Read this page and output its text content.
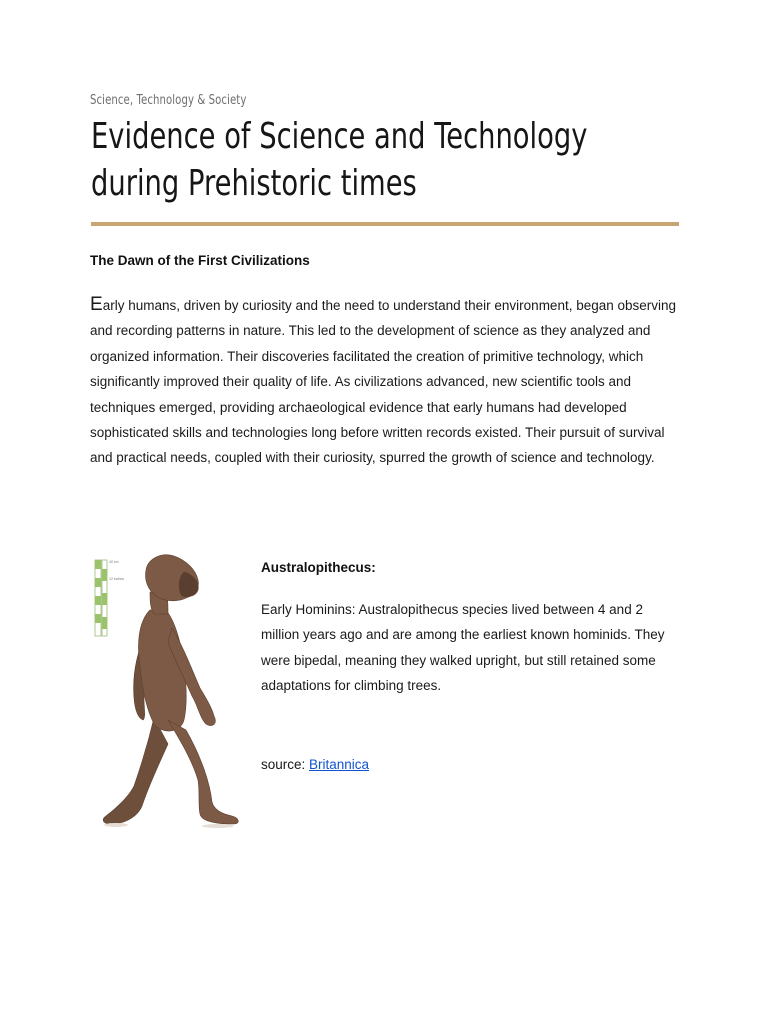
Science, Technology & Society
Evidence of Science and Technology during Prehistoric times
The Dawn of the First Civilizations

Early humans, driven by curiosity and the need to understand their environment, began observing and recording patterns in nature. This led to the development of science as they analyzed and organized information. Their discoveries facilitated the creation of primitive technology, which significantly improved their quality of life. As civilizations advanced, new scientific tools and techniques emerged, providing archaeological evidence that early humans had developed sophisticated skills and technologies long before written records existed. Their pursuit of survival and practical needs, coupled with their curiosity, spurred the growth of science and technology.

40 cm
12 inches
Australopithecus:

Early Hominins: Australopithecus species lived between 4 and 2 million years ago and are among the earliest known hominids. They were bipedal, meaning they walked upright, but still retained some adaptations for climbing trees.

source: Britannica
